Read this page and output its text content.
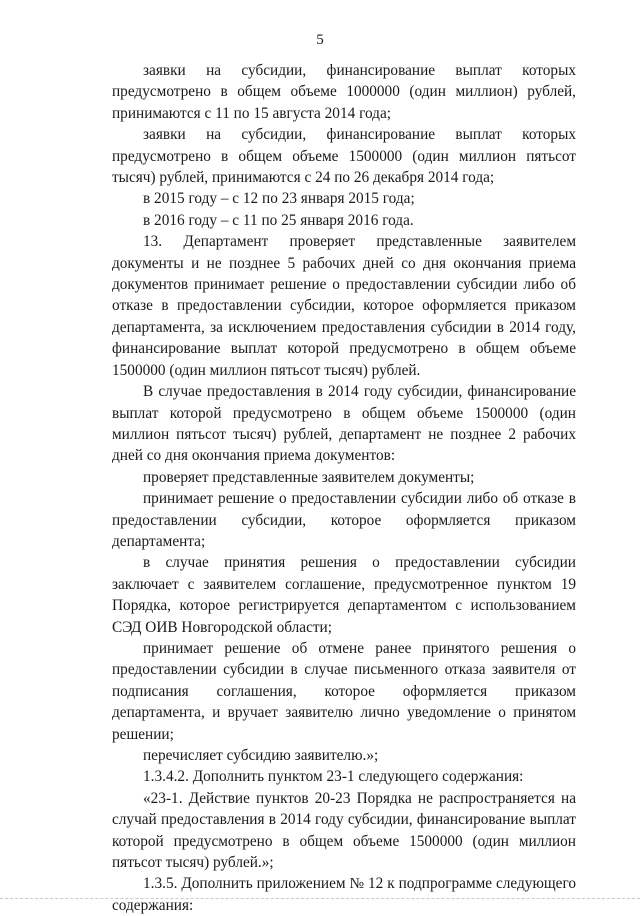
5

заявки на субсидии, финансирование выплат которых предусмотрено в общем объеме 1000000 (один миллион) рублей, принимаются с 11 по 15 августа 2014 года;

заявки на субсидии, финансирование выплат которых предусмотрено в общем объеме 1500000 (один миллион пятьсот тысяч) рублей, принимаются с 24 по 26 декабря 2014 года;

в 2015 году – с 12 по 23 января 2015 года;

в 2016 году – с 11 по 25 января 2016 года.

13. Департамент проверяет представленные заявителем документы и не позднее 5 рабочих дней со дня окончания приема документов принимает решение о предоставлении субсидии либо об отказе в предоставлении субсидии, которое оформляется приказом департамента, за исключением предоставления субсидии в 2014 году, финансирование выплат которой предусмотрено в общем объеме 1500000 (один миллион пятьсот тысяч) рублей.

В случае предоставления в 2014 году субсидии, финансирование выплат которой предусмотрено в общем объеме 1500000 (один миллион пятьсот тысяч) рублей, департамент не позднее 2 рабочих дней со дня окончания приема документов:

проверяет представленные заявителем документы;

принимает решение о предоставлении субсидии либо об отказе в предоставлении субсидии, которое оформляется приказом департамента;

в случае принятия решения о предоставлении субсидии заключает с заявителем соглашение, предусмотренное пунктом 19 Порядка, которое регистрируется департаментом с использованием СЭД ОИВ Новгородской области;

принимает решение об отмене ранее принятого решения о предоставлении субсидии в случае письменного отказа заявителя от подписания соглашения, которое оформляется приказом департамента, и вручает заявителю лично уведомление о принятом решении;

перечисляет субсидию заявителю.»;

1.3.4.2. Дополнить пунктом 23-1 следующего содержания:

«23-1. Действие пунктов 20-23 Порядка не распространяется на случай предоставления в 2014 году субсидии, финансирование выплат которой предусмотрено в общем объеме 1500000 (один миллион пятьсот тысяч) рублей.»;

1.3.5. Дополнить приложением № 12 к подпрограмме следующего содержания:
